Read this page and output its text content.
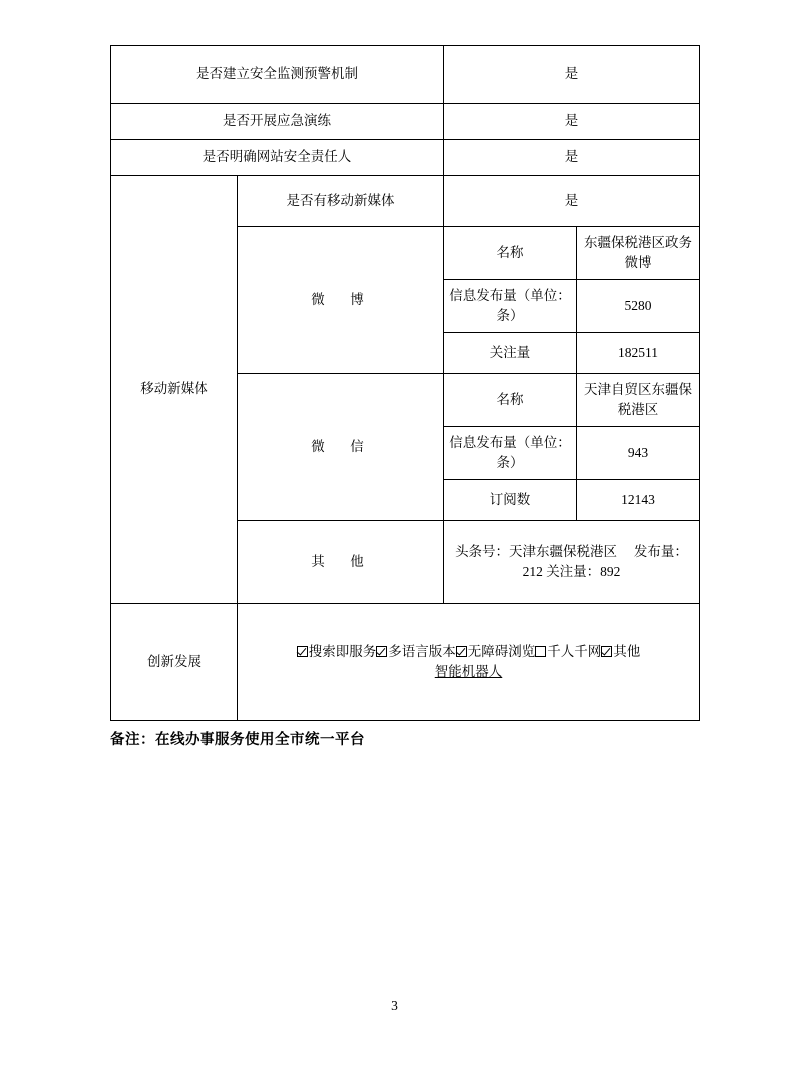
是否建立安全监测预警机制		是	
是否开展应急演练		是	
是否明确网站安全责任人		是	
移动新媒体	是否有移动新媒体	是	
	微　博	名称	东疆保税港区政务微博
		信息发布量（单位：条）	5280
		关注量	182511
	微　信	名称	天津自贸区东疆保税港区
		信息发布量（单位：条）	943
		订阅数	12143
	其　他	头条号：天津东疆保税港区　 发布量：212 关注量：892	
创新发展	搜索即服务 多语言版本 无障碍浏览 千人千网 其他
智能机器人		
备注：在线办事服务使用全市统一平台
3
